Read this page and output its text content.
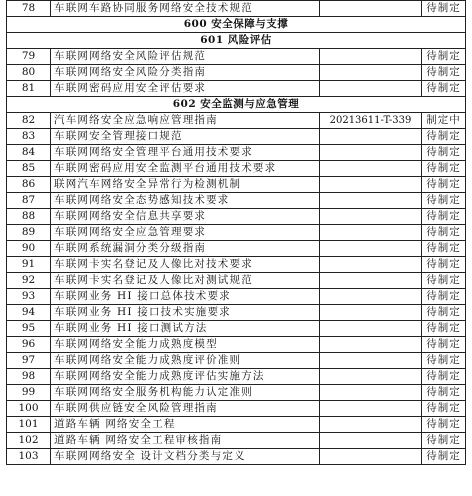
78	车联网车路协同服务网络安全技术规范		待制定
600 安全保障与支撑			
601 风险评估			
79	车联网网络安全风险评估规范		待制定
80	车联网网络安全风险分类指南		待制定
81	车联网密码应用安全评估要求		待制定
602 安全监测与应急管理			
82	汽车网络安全应急响应管理指南	20213611-T-339	制定中
83	车联网安全管理接口规范		待制定
84	车联网网络安全管理平台通用技术要求		待制定
85	车联网密码应用安全监测平台通用技术要求		待制定
86	联网汽车网络安全异常行为检测机制		待制定
87	车联网网络安全态势感知技术要求		待制定
88	车联网网络安全信息共享要求		待制定
89	车联网网络安全应急管理要求		待制定
90	车联网系统漏洞分类分级指南		待制定
91	车联网卡实名登记及人像比对技术要求		待制定
92	车联网卡实名登记及人像比对测试规范		待制定
93	车联网业务 HI 接口总体技术要求		待制定
94	车联网业务 HI 接口技术实施要求		待制定
95	车联网业务 HI 接口测试方法		待制定
96	车联网网络安全能力成熟度模型		待制定
97	车联网网络安全能力成熟度评价准则		待制定
98	车联网网络安全能力成熟度评估实施方法		待制定
99	车联网网络安全服务机构能力认定准则		待制定
100	车联网供应链安全风险管理指南		待制定
101	道路车辆 网络安全工程		待制定
102	道路车辆 网络安全工程审核指南		待制定
103	车联网网络安全 设计文档分类与定义		待制定
